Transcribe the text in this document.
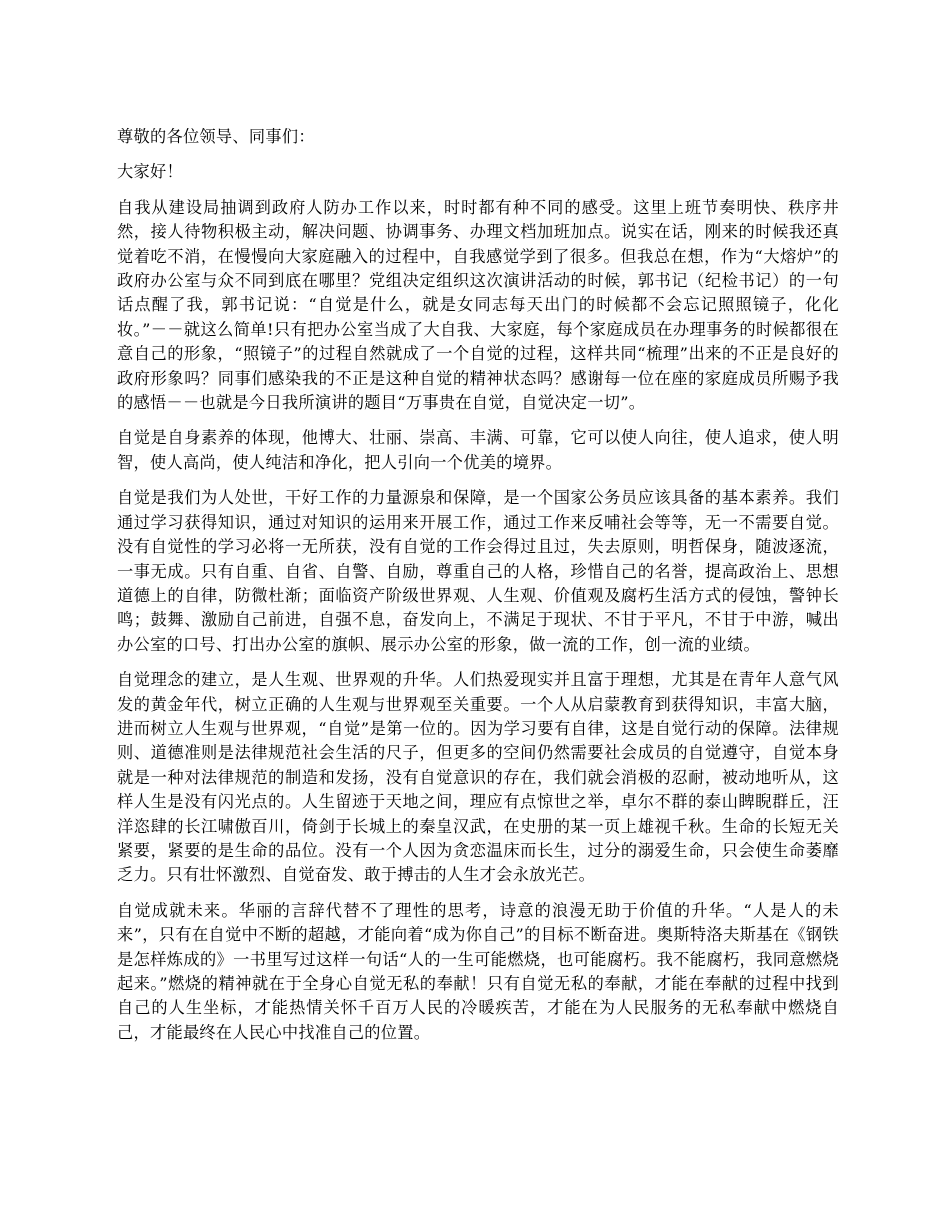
尊敬的各位领导、同事们：

大家好！

自我从建设局抽调到政府人防办工作以来，时时都有种不同的感受。这里上班节奏明快、秩序井然，接人待物积极主动，解决问题、协调事务、办理文档加班加点。说实在话，刚来的时候我还真觉着吃不消，在慢慢向大家庭融入的过程中，自我感觉学到了很多。但我总在想，作为“大熔炉”的政府办公室与众不同到底在哪里？党组决定组织这次演讲活动的时候，郭书记（纪检书记）的一句话点醒了我，郭书记说：“自觉是什么，就是女同志每天出门的时候都不会忘记照照镜子，化化妆。”－－就这么简单!只有把办公室当成了大自我、大家庭，每个家庭成员在办理事务的时候都很在意自己的形象，“照镜子”的过程自然就成了一个自觉的过程，这样共同“梳理”出来的不正是良好的政府形象吗？同事们感染我的不正是这种自觉的精神状态吗？感谢每一位在座的家庭成员所赐予我的感悟－－也就是今日我所演讲的题目“万事贵在自觉，自觉决定一切”。

自觉是自身素养的体现，他博大、壮丽、崇高、丰满、可靠，它可以使人向往，使人追求，使人明智，使人高尚，使人纯洁和净化，把人引向一个优美的境界。

自觉是我们为人处世，干好工作的力量源泉和保障，是一个国家公务员应该具备的基本素养。我们通过学习获得知识，通过对知识的运用来开展工作，通过工作来反哺社会等等，无一不需要自觉。没有自觉性的学习必将一无所获，没有自觉的工作会得过且过，失去原则，明哲保身，随波逐流，一事无成。只有自重、自省、自警、自励，尊重自己的人格，珍惜自己的名誉，提高政治上、思想道德上的自律，防微杜渐；面临资产阶级世界观、人生观、价值观及腐朽生活方式的侵蚀，警钟长鸣；鼓舞、激励自己前进，自强不息，奋发向上，不满足于现状、不甘于平凡，不甘于中游，喊出办公室的口号、打出办公室的旗帜、展示办公室的形象，做一流的工作，创一流的业绩。

自觉理念的建立，是人生观、世界观的升华。人们热爱现实并且富于理想，尤其是在青年人意气风发的黄金年代，树立正确的人生观与世界观至关重要。一个人从启蒙教育到获得知识，丰富大脑，进而树立人生观与世界观，“自觉”是第一位的。因为学习要有自律，这是自觉行动的保障。法律规则、道德准则是法律规范社会生活的尺子，但更多的空间仍然需要社会成员的自觉遵守，自觉本身就是一种对法律规范的制造和发扬，没有自觉意识的存在，我们就会消极的忍耐，被动地听从，这样人生是没有闪光点的。人生留迹于天地之间，理应有点惊世之举，卓尔不群的泰山睥睨群丘，汪洋恣肆的长江啸傲百川，倚剑于长城上的秦皇汉武，在史册的某一页上雄视千秋。生命的长短无关紧要，紧要的是生命的品位。没有一个人因为贪恋温床而长生，过分的溺爱生命，只会使生命萎靡乏力。只有壮怀激烈、自觉奋发、敢于搏击的人生才会永放光芒。

自觉成就未来。华丽的言辞代替不了理性的思考，诗意的浪漫无助于价值的升华。“人是人的未来”，只有在自觉中不断的超越，才能向着“成为你自己”的目标不断奋进。奥斯特洛夫斯基在《钢铁是怎样炼成的》一书里写过这样一句话“人的一生可能燃烧，也可能腐朽。我不能腐朽，我同意燃烧起来。”燃烧的精神就在于全身心自觉无私的奉献！只有自觉无私的奉献，才能在奉献的过程中找到自己的人生坐标，才能热情关怀千百万人民的冷暖疾苦，才能在为人民服务的无私奉献中燃烧自己，才能最终在人民心中找准自己的位置。
